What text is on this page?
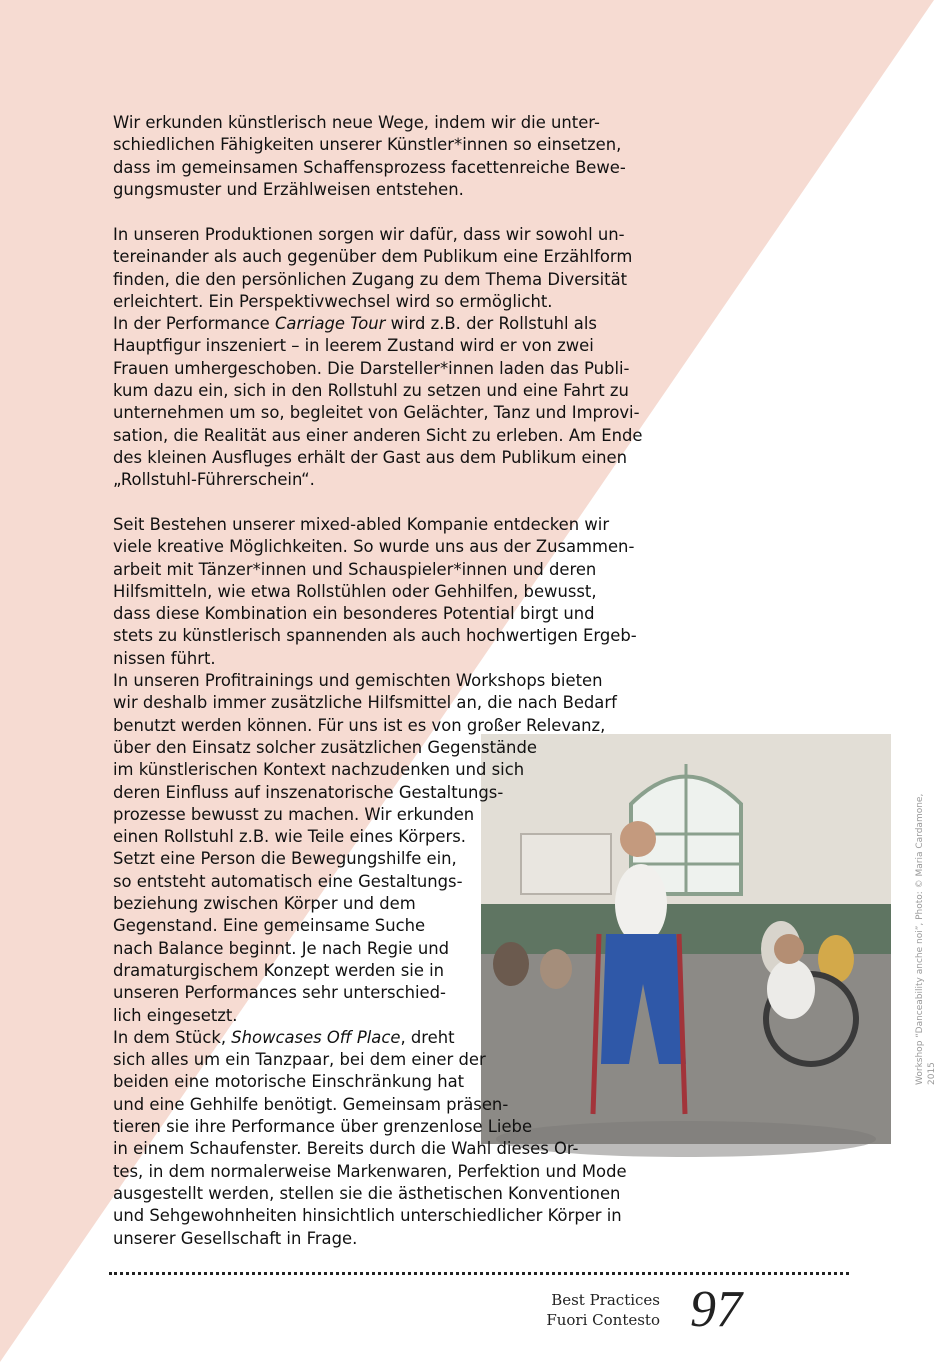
Wir erkunden künstlerisch neue Wege, indem wir die unter-
schiedlichen Fähigkeiten unserer Künstler*innen so einsetzen,
dass im gemeinsamen Schaffensprozess facettenreiche Bewe-
gungsmuster und Erzählweisen entstehen.

In unseren Produktionen sorgen wir dafür, dass wir sowohl un-
tereinander als auch gegenüber dem Publikum eine Erzählform
finden, die den persönlichen Zugang zu dem Thema Diversität
erleichtert. Ein Perspektivwechsel wird so ermöglicht.
In der Performance Carriage Tour wird z.B. der Rollstuhl als
Hauptfigur inszeniert – in leerem Zustand wird er von zwei
Frauen umhergeschoben. Die Darsteller*innen laden das Publi-
kum dazu ein, sich in den Rollstuhl zu setzen und eine Fahrt zu
unternehmen um so, begleitet von Gelächter, Tanz und Improvi-
sation, die Realität aus einer anderen Sicht zu erleben. Am Ende
des kleinen Ausfluges erhält der Gast aus dem Publikum einen
„Rollstuhl-Führerschein“.

Seit Bestehen unserer mixed-abled Kompanie entdecken wir
viele kreative Möglichkeiten. So wurde uns aus der Zusammen-
arbeit mit Tänzer*innen und Schauspieler*innen und deren
Hilfsmitteln, wie etwa Rollstühlen oder Gehhilfen, bewusst,
dass diese Kombination ein besonderes Potential birgt und
stets zu künstlerisch spannenden als auch hochwertigen Ergeb-
nissen führt.
In unseren Profitrainings und gemischten Workshops bieten
wir deshalb immer zusätzliche Hilfsmittel an, die nach Bedarf
benutzt werden können. Für uns ist es von großer Relevanz,
über den Einsatz solcher zusätzlichen Gegenstände
im künstlerischen Kontext nachzudenken und sich
deren Einfluss auf inszenatorische Gestaltungs-
prozesse bewusst zu machen. Wir erkunden
einen Rollstuhl z.B. wie Teile eines Körpers.
Setzt eine Person die Bewegungshilfe ein,
so entsteht automatisch eine Gestaltungs-
beziehung zwischen Körper und dem
Gegenstand. Eine gemeinsame Suche
nach Balance beginnt. Je nach Regie und
dramaturgischem Konzept werden sie in
unseren Performances sehr unterschied-
lich eingesetzt.
In dem Stück, Showcases Off Place, dreht
sich alles um ein Tanzpaar, bei dem einer der
beiden eine motorische Einschränkung hat
und eine Gehhilfe benötigt. Gemeinsam präsen-
tieren sie ihre Performance über grenzenlose Liebe
in einem Schaufenster. Bereits durch die Wahl dieses Or-
tes, in dem normalerweise Markenwaren, Perfektion und Mode
ausgestellt werden, stellen sie die ästhetischen Konventionen
und Sehgewohnheiten hinsichtlich unterschiedlicher Körper in
unserer Gesellschaft in Frage.

Workshop “Danceability anche noi”, Photo: © Maria Cardamone, 2015
Best Practices
Fuori Contesto 97
